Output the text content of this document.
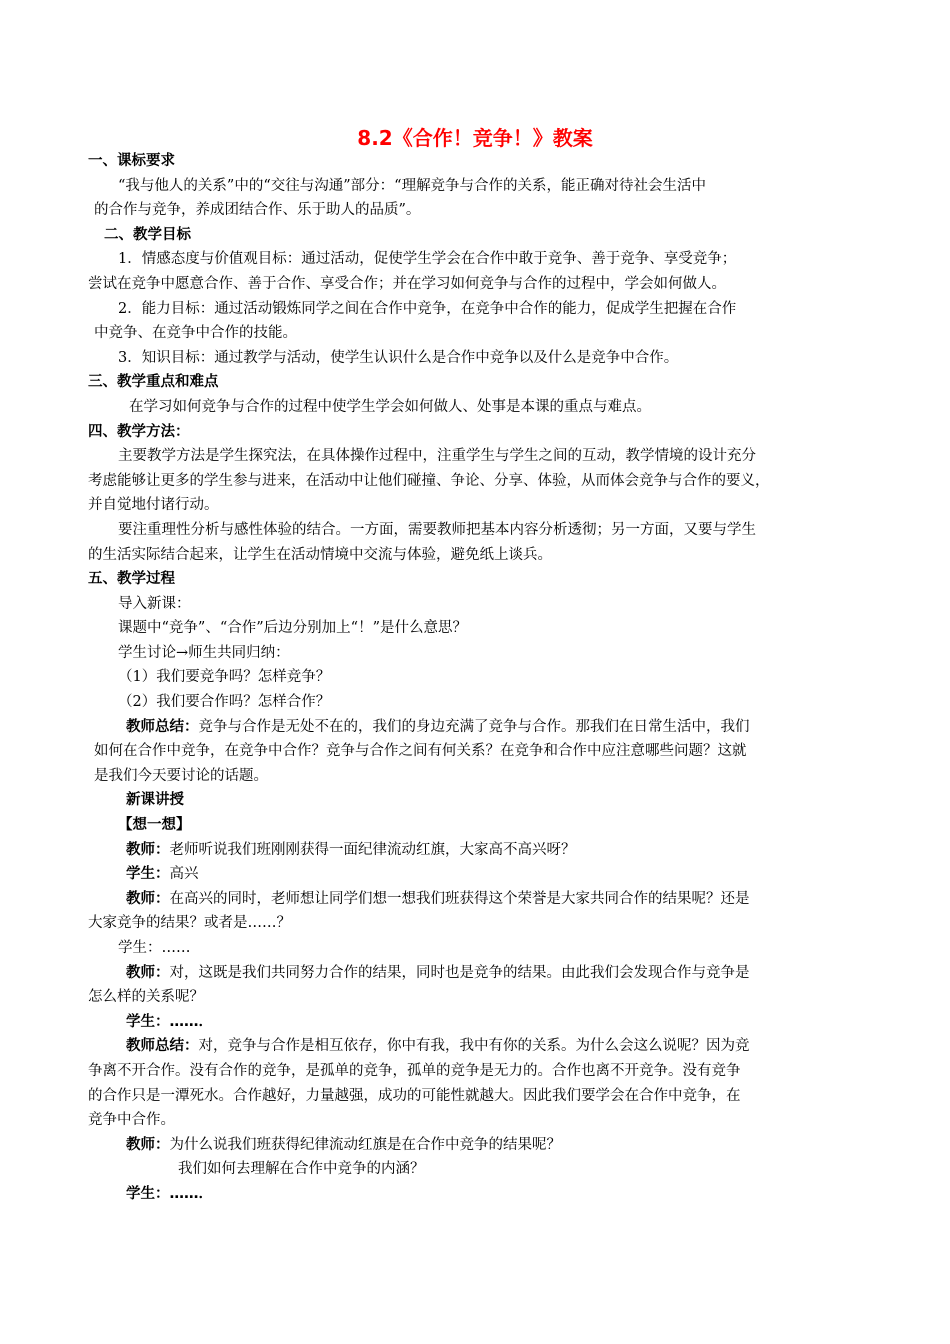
8.2《合作！竞争！》教案
一、课标要求
“我与他人的关系”中的“交往与沟通”部分：“理解竞争与合作的关系，能正确对待社会生活中
的合作与竞争，养成团结合作、乐于助人的品质”。
二、教学目标
1．情感态度与价值观目标：通过活动，促使学生学会在合作中敢于竞争、善于竞争、享受竞争；
尝试在竞争中愿意合作、善于合作、享受合作；并在学习如何竞争与合作的过程中，学会如何做人。
2．能力目标：通过活动锻炼同学之间在合作中竞争，在竞争中合作的能力，促成学生把握在合作
中竞争、在竞争中合作的技能。
3．知识目标：通过教学与活动，使学生认识什么是合作中竞争以及什么是竞争中合作。
三、教学重点和难点
在学习如何竞争与合作的过程中使学生学会如何做人、处事是本课的重点与难点。
四、教学方法：
主要教学方法是学生探究法，在具体操作过程中，注重学生与学生之间的互动，教学情境的设计充分
考虑能够让更多的学生参与进来，在活动中让他们碰撞、争论、分享、体验，从而体会竞争与合作的要义，
并自觉地付诸行动。
要注重理性分析与感性体验的结合。一方面，需要教师把基本内容分析透彻；另一方面，又要与学生
的生活实际结合起来，让学生在活动情境中交流与体验，避免纸上谈兵。
五、教学过程
导入新课：
课题中“竞争”、“合作”后边分别加上“！”是什么意思？
学生讨论→师生共同归纳：
（1）我们要竞争吗？怎样竞争？
（2）我们要合作吗？怎样合作？
教师总结：竞争与合作是无处不在的，我们的身边充满了竞争与合作。那我们在日常生活中，我们
如何在合作中竞争，在竞争中合作？竞争与合作之间有何关系？在竞争和合作中应注意哪些问题？这就
是我们今天要讨论的话题。
新课讲授
【想一想】
教师：老师听说我们班刚刚获得一面纪律流动红旗，大家高不高兴呀？
学生：高兴
教师：在高兴的同时，老师想让同学们想一想我们班获得这个荣誉是大家共同合作的结果呢？还是
大家竞争的结果？或者是……？
学生：……
教师：对，这既是我们共同努力合作的结果，同时也是竞争的结果。由此我们会发现合作与竞争是
怎么样的关系呢？
学生：……．
教师总结：对，竞争与合作是相互依存，你中有我，我中有你的关系。为什么会这么说呢？因为竞
争离不开合作。没有合作的竞争，是孤单的竞争，孤单的竞争是无力的。合作也离不开竞争。没有竞争
的合作只是一潭死水。合作越好，力量越强，成功的可能性就越大。因此我们要学会在合作中竞争，在
竞争中合作。
教师：为什么说我们班获得纪律流动红旗是在合作中竞争的结果呢？
我们如何去理解在合作中竞争的内涵？
学生：……．
